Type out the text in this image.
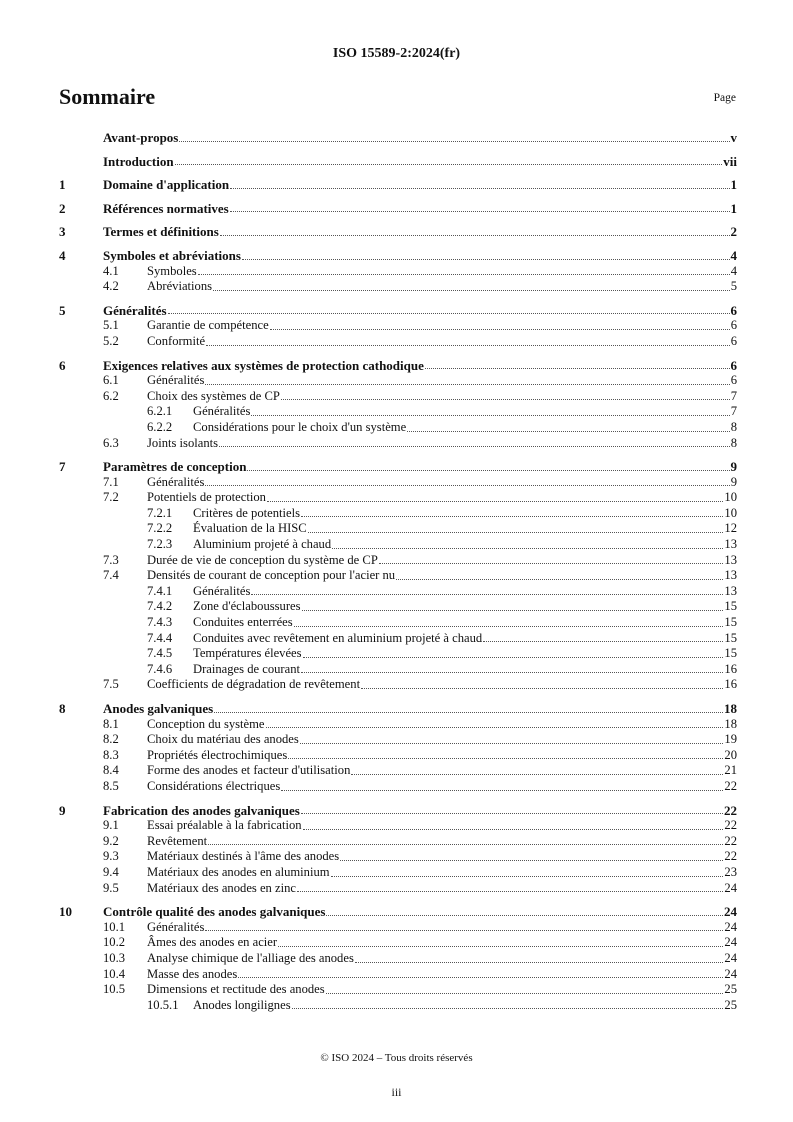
ISO 15589-2:2024(fr)
Sommaire	Page
Avant-propos	v
Introduction	vii
1	Domaine d'application	1
2	Références normatives	1
3	Termes et définitions	2
4	Symboles et abréviations	4
4.1	Symboles	4
4.2	Abréviations	5
5	Généralités	6
5.1	Garantie de compétence	6
5.2	Conformité	6
6	Exigences relatives aux systèmes de protection cathodique	6
6.1	Généralités	6
6.2	Choix des systèmes de CP	7
6.2.1	Généralités	7
6.2.2	Considérations pour le choix d'un système	8
6.3	Joints isolants	8
7	Paramètres de conception	9
7.1	Généralités	9
7.2	Potentiels de protection	10
7.2.1	Critères de potentiels	10
7.2.2	Évaluation de la HISC	12
7.2.3	Aluminium projeté à chaud	13
7.3	Durée de vie de conception du système de CP	13
7.4	Densités de courant de conception pour l'acier nu	13
7.4.1	Généralités	13
7.4.2	Zone d'éclaboussures	15
7.4.3	Conduites enterrées	15
7.4.4	Conduites avec revêtement en aluminium projeté à chaud	15
7.4.5	Températures élevées	15
7.4.6	Drainages de courant	16
7.5	Coefficients de dégradation de revêtement	16
8	Anodes galvaniques	18
8.1	Conception du système	18
8.2	Choix du matériau des anodes	19
8.3	Propriétés électrochimiques	20
8.4	Forme des anodes et facteur d'utilisation	21
8.5	Considérations électriques	22
9	Fabrication des anodes galvaniques	22
9.1	Essai préalable à la fabrication	22
9.2	Revêtement	22
9.3	Matériaux destinés à l'âme des anodes	22
9.4	Matériaux des anodes en aluminium	23
9.5	Matériaux des anodes en zinc	24
10	Contrôle qualité des anodes galvaniques	24
10.1	Généralités	24
10.2	Âmes des anodes en acier	24
10.3	Analyse chimique de l'alliage des anodes	24
10.4	Masse des anodes	24
10.5	Dimensions et rectitude des anodes	25
10.5.1	Anodes longilignes	25
© ISO 2024 – Tous droits réservés
iii
